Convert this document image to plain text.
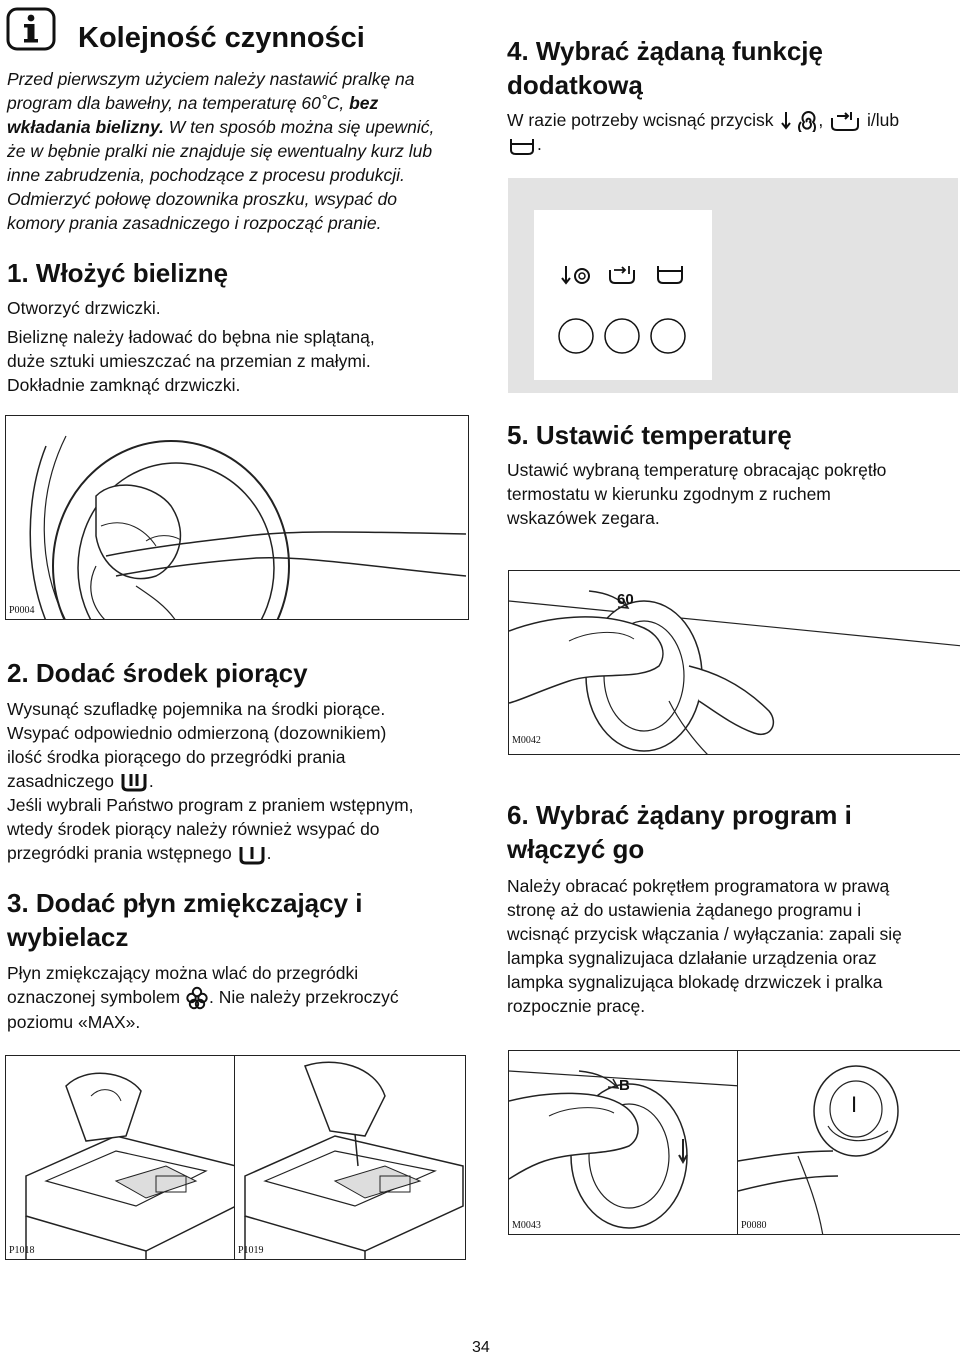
Kolejność czynności
Przed pierwszym użyciem należy nastawić pralkę na
program dla bawełny, na temperaturę 60˚C, bez
wkładania bielizny. W ten sposób można się upewnić,
że w bębnie pralki nie znajduje się ewentualny kurz lub
inne zabrudzenia, pochodzące z procesu produkcji.
Odmierzyć połowę dozownika proszku, wsypać do
komory prania zasadniczego i rozpocząć pranie.
1. Włożyć bieliznę
Otworzyć drzwiczki.
Bieliznę należy ładować do bębna nie splątaną,
duże sztuki umieszczać na przemian z małymi.
Dokładnie zamknąć drzwiczki.
P0004
2. Dodać środek piorący
Wysunąć szufladkę pojemnika na środki piorące.
Wsypać odpowiednio odmierzoną (dozownikiem)
ilość środka piorącego do przegródki prania
zasadniczego .
Jeśli wybrali Państwo program z praniem wstępnym,
wtedy środek piorący należy również wsypać do
przegródki prania wstępnego .
3. Dodać płyn zmiękczający i
wybielacz
Płyn zmiękczający można wlać do przegródki
oznaczonej symbolem . Nie należy przekroczyć
poziomu «MAX».
P1018	P1019
4. Wybrać żądaną funkcję
dodatkową
W razie potrzeby wcisnąć przycisk	,	i/lub
.
5. Ustawić temperaturę
Ustawić wybraną temperaturę obracając pokrętło
termostatu w kierunku zgodnym z ruchem
wskazówek zegara.
60
M0042
6. Wybrać żądany program i
włączyć go
Należy obracać pokrętłem programatora w prawą
stronę aż do ustawienia żądanego programu i
wcisnąć przycisk włączania / wyłączania: zapali się
lampka sygnalizujaca dzlałanie urządzenia oraz
lampka sygnalizująca blokadę drzwiczek i pralka
rozpocznie pracę.
B
M0043
I
P0080
34
